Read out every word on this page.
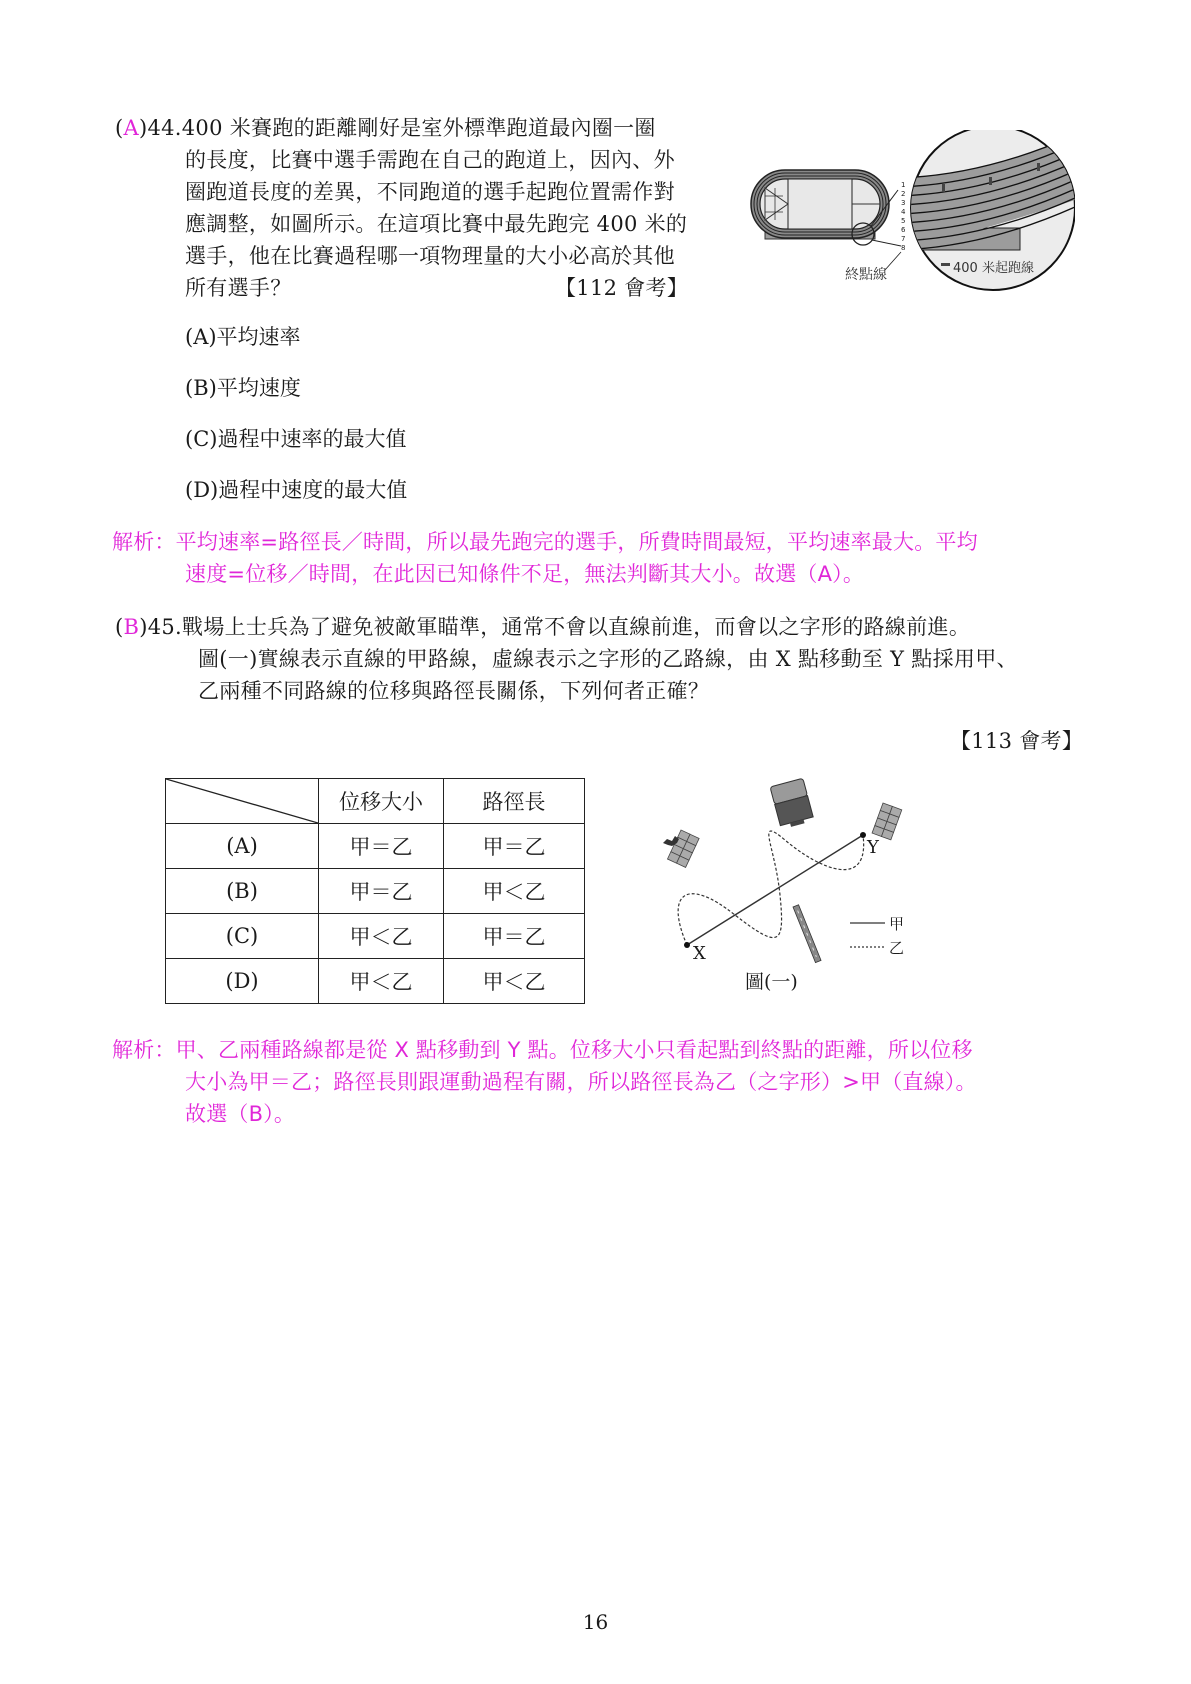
(A)44.400 米賽跑的距離剛好是室外標準跑道最內圈一圈
的長度，比賽中選手需跑在自己的跑道上，因內、外
圈跑道長度的差異，不同跑道的選手起跑位置需作對
應調整，如圖所示。在這項比賽中最先跑完 400 米的
選手，他在比賽過程哪一項物理量的大小必高於其他
所有選手？	【112 會考】
1
2
3
4
5
6
7
8
終點線	400 米起跑線
(A)平均速率
(B)平均速度
(C)過程中速率的最大值
(D)過程中速度的最大值
解析：平均速率=路徑長／時間，所以最先跑完的選手，所費時間最短，平均速率最大。平均
速度=位移／時間，在此因已知條件不足，無法判斷其大小。故選（A）。
(B)45.戰場上士兵為了避免被敵軍瞄準，通常不會以直線前進，而會以之字形的路線前進。
圖(一)實線表示直線的甲路線，虛線表示之字形的乙路線，由 X 點移動至 Y 點採用甲、
乙兩種不同路線的位移與路徑長關係，下列何者正確？
【113 會考】
	位移大小	路徑長
(A)	甲＝乙	甲＝乙
(B)	甲＝乙	甲＜乙
(C)	甲＜乙	甲＝乙
(D)	甲＜乙	甲＜乙
X
Y
甲
乙
圖(一)
解析：甲、乙兩種路線都是從 X 點移動到 Y 點。位移大小只看起點到終點的距離，所以位移
大小為甲＝乙；路徑長則跟運動過程有關，所以路徑長為乙（之字形）>甲（直線）。
故選（B）。
16
